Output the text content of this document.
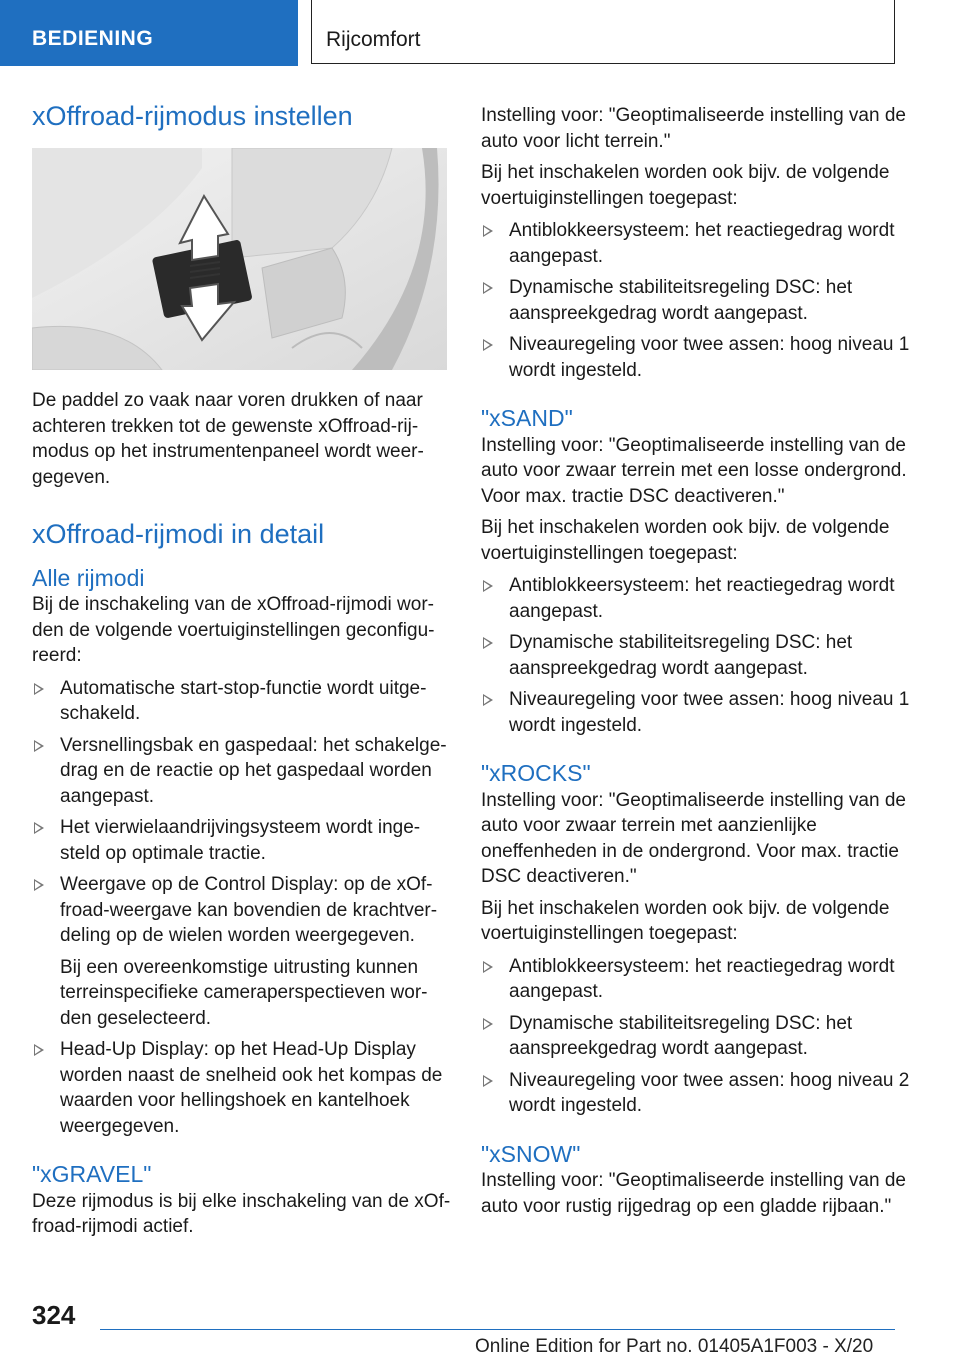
BEDIENING	Rijcomfort
xOffroad-rijmodus instellen

De paddel zo vaak naar voren drukken of naar achteren trekken tot de gewenste xOffroad-rijmodus op het instrumentenpaneel wordt weergegeven.

xOffroad-rijmodi in detail
Alle rijmodi

Bij de inschakeling van de xOffroad-rijmodi worden de volgende voertuiginstellingen geconfigureerd:

Automatische start-stop-functie wordt uitgeschakeld.
Versnellingsbak en gaspedaal: het schakelgedrag en de reactie op het gaspedaal worden aangepast.
Het vierwielaandrijvingsysteem wordt ingesteld op optimale tractie.
Weergave op de Control Display: op de xOffroad-weergave kan bovendien de krachtverdeling op de wielen worden weergegeven.
Bij een overeenkomstige uitrusting kunnen terreinspecifieke cameraperspectieven worden geselecteerd.
Head-Up Display: op het Head-Up Display worden naast de snelheid ook het kompas de waarden voor hellingshoek en kantelhoek weergegeven.
"xGRAVEL"

Deze rijmodus is bij elke inschakeling van de xOffroad-rijmodi actief.

Instelling voor: "Geoptimaliseerde instelling van de auto voor licht terrein."

Bij het inschakelen worden ook bijv. de volgende voertuiginstellingen toegepast:

Antiblokkeersysteem: het reactiegedrag wordt aangepast.
Dynamische stabiliteitsregeling DSC: het aanspreekgedrag wordt aangepast.
Niveauregeling voor twee assen: hoog niveau 1 wordt ingesteld.
"xSAND"

Instelling voor: "Geoptimaliseerde instelling van de auto voor zwaar terrein met een losse ondergrond. Voor max. tractie DSC deactiveren."

Bij het inschakelen worden ook bijv. de volgende voertuiginstellingen toegepast:

Antiblokkeersysteem: het reactiegedrag wordt aangepast.
Dynamische stabiliteitsregeling DSC: het aanspreekgedrag wordt aangepast.
Niveauregeling voor twee assen: hoog niveau 1 wordt ingesteld.
"xROCKS"

Instelling voor: "Geoptimaliseerde instelling van de auto voor zwaar terrein met aanzienlijke oneffenheden in de ondergrond. Voor max. tractie DSC deactiveren."

Bij het inschakelen worden ook bijv. de volgende voertuiginstellingen toegepast:

Antiblokkeersysteem: het reactiegedrag wordt aangepast.
Dynamische stabiliteitsregeling DSC: het aanspreekgedrag wordt aangepast.
Niveauregeling voor twee assen: hoog niveau 2 wordt ingesteld.
"xSNOW"

Instelling voor: "Geoptimaliseerde instelling van de auto voor rustig rijgedrag op een gladde rijbaan."

324
Online Edition for Part no. 01405A1F003 - X/20
